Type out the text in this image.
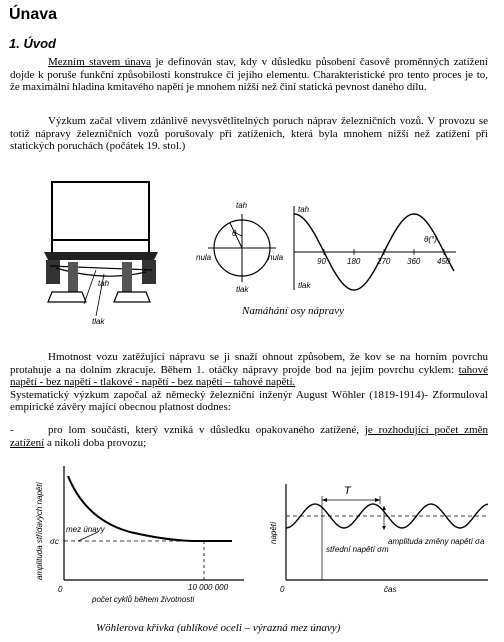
Únava
1. Úvod

Mezním stavem únava je definován stav, kdy v důsledku působení časově proměnných zatížení dojde k poruše funkční způsobilosti konstrukce či jejího elementu. Charakteristické pro tento proces je to, že maximální hladina kmitavého napětí je mnohem nižší než činí statická pevnost daného dílu.

Výzkum začal vlivem zdánlivě nevysvětlitelných poruch náprav železničních vozů. V provozu se totiž nápravy železničních vozů porušovaly při zatíženích, která byla mnohem nižší než zatížení při statických poruchách (počátek 19. stol.)

tah
tlak
θ
tah
tlak
nula	nula
tah
tlak
θ(°)
90	180 270 360 450
Namáhání osy nápravy

Hmotnost vozu zatěžující nápravu se ji snaží ohnout způsobem, že kov se na horním povrchu protahuje a na dolním zkracuje. Během 1. otáčky nápravy projde bod na jejím povrchu cyklem: tahové napětí - bez napětí - tlakové - napětí - bez napětí – tahové napětí.
Systematický výzkum započal až německý železniční inženýr August Wöhler (1819-1914)- Zformuloval empirické závěry mající obecnou platnost dodnes:

-	pro lom součásti, který vzniká v důsledku opakovaného zatížené, je rozhodující počet změn zatížení a nikoli doba provozu;

σc
mez únavy
0	10 000 000
počet cyklů během životnosti
amplituda střídavých napětí	T
střední napětí σm
amplituda změny napětí σa
napětí
0	čas
Wöhlerova křivka (uhlíkové oceli – výrazná mez únavy)
